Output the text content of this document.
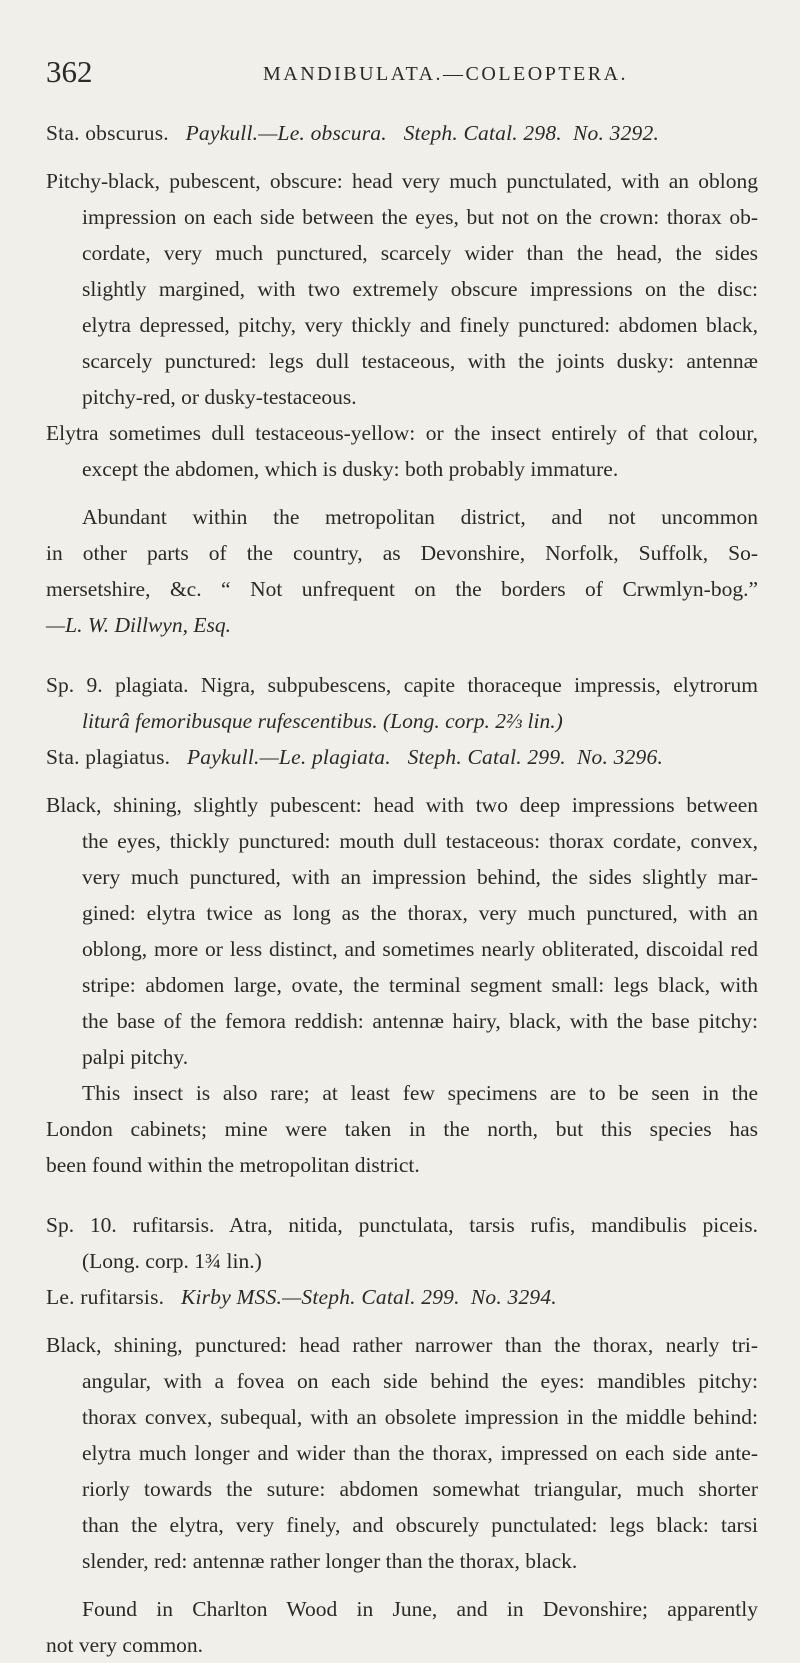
362	MANDIBULATA.—COLEOPTERA.

Sta. obscurus. Paykull.—Le. obscura. Steph. Catal. 298. No. 3292.

Pitchy-black, pubescent, obscure: head very much punctulated, with an oblong

impression on each side between the eyes, but not on the crown: thorax ob-

cordate, very much punctured, scarcely wider than the head, the sides

slightly margined, with two extremely obscure impressions on the disc:

elytra depressed, pitchy, very thickly and finely punctured: abdomen black,

scarcely punctured: legs dull testaceous, with the joints dusky: antennæ

pitchy-red, or dusky-testaceous.

Elytra sometimes dull testaceous-yellow: or the insect entirely of that colour,

except the abdomen, which is dusky: both probably immature.

Abundant within the metropolitan district, and not uncommon

in other parts of the country, as Devonshire, Norfolk, Suffolk, So-

mersetshire, &c. “ Not unfrequent on the borders of Crwmlyn-bog.”

—L. W. Dillwyn, Esq.

Sp. 9. plagiata. Nigra, subpubescens, capite thoraceque impressis, elytrorum

liturâ femoribusque rufescentibus. (Long. corp. 2⅔ lin.)

Sta. plagiatus. Paykull.—Le. plagiata. Steph. Catal. 299. No. 3296.

Black, shining, slightly pubescent: head with two deep impressions between

the eyes, thickly punctured: mouth dull testaceous: thorax cordate, convex,

very much punctured, with an impression behind, the sides slightly mar-

gined: elytra twice as long as the thorax, very much punctured, with an

oblong, more or less distinct, and sometimes nearly obliterated, discoidal red

stripe: abdomen large, ovate, the terminal segment small: legs black, with

the base of the femora reddish: antennæ hairy, black, with the base pitchy:

palpi pitchy.

This insect is also rare; at least few specimens are to be seen in the

London cabinets; mine were taken in the north, but this species has

been found within the metropolitan district.

Sp. 10. rufitarsis. Atra, nitida, punctulata, tarsis rufis, mandibulis piceis.

(Long. corp. 1¾ lin.)

Le. rufitarsis. Kirby MSS.—Steph. Catal. 299. No. 3294.

Black, shining, punctured: head rather narrower than the thorax, nearly tri-

angular, with a fovea on each side behind the eyes: mandibles pitchy:

thorax convex, subequal, with an obsolete impression in the middle behind:

elytra much longer and wider than the thorax, impressed on each side ante-

riorly towards the suture: abdomen somewhat triangular, much shorter

than the elytra, very finely, and obscurely punctulated: legs black: tarsi

slender, red: antennæ rather longer than the thorax, black.

Found in Charlton Wood in June, and in Devonshire; apparently

not very common.
